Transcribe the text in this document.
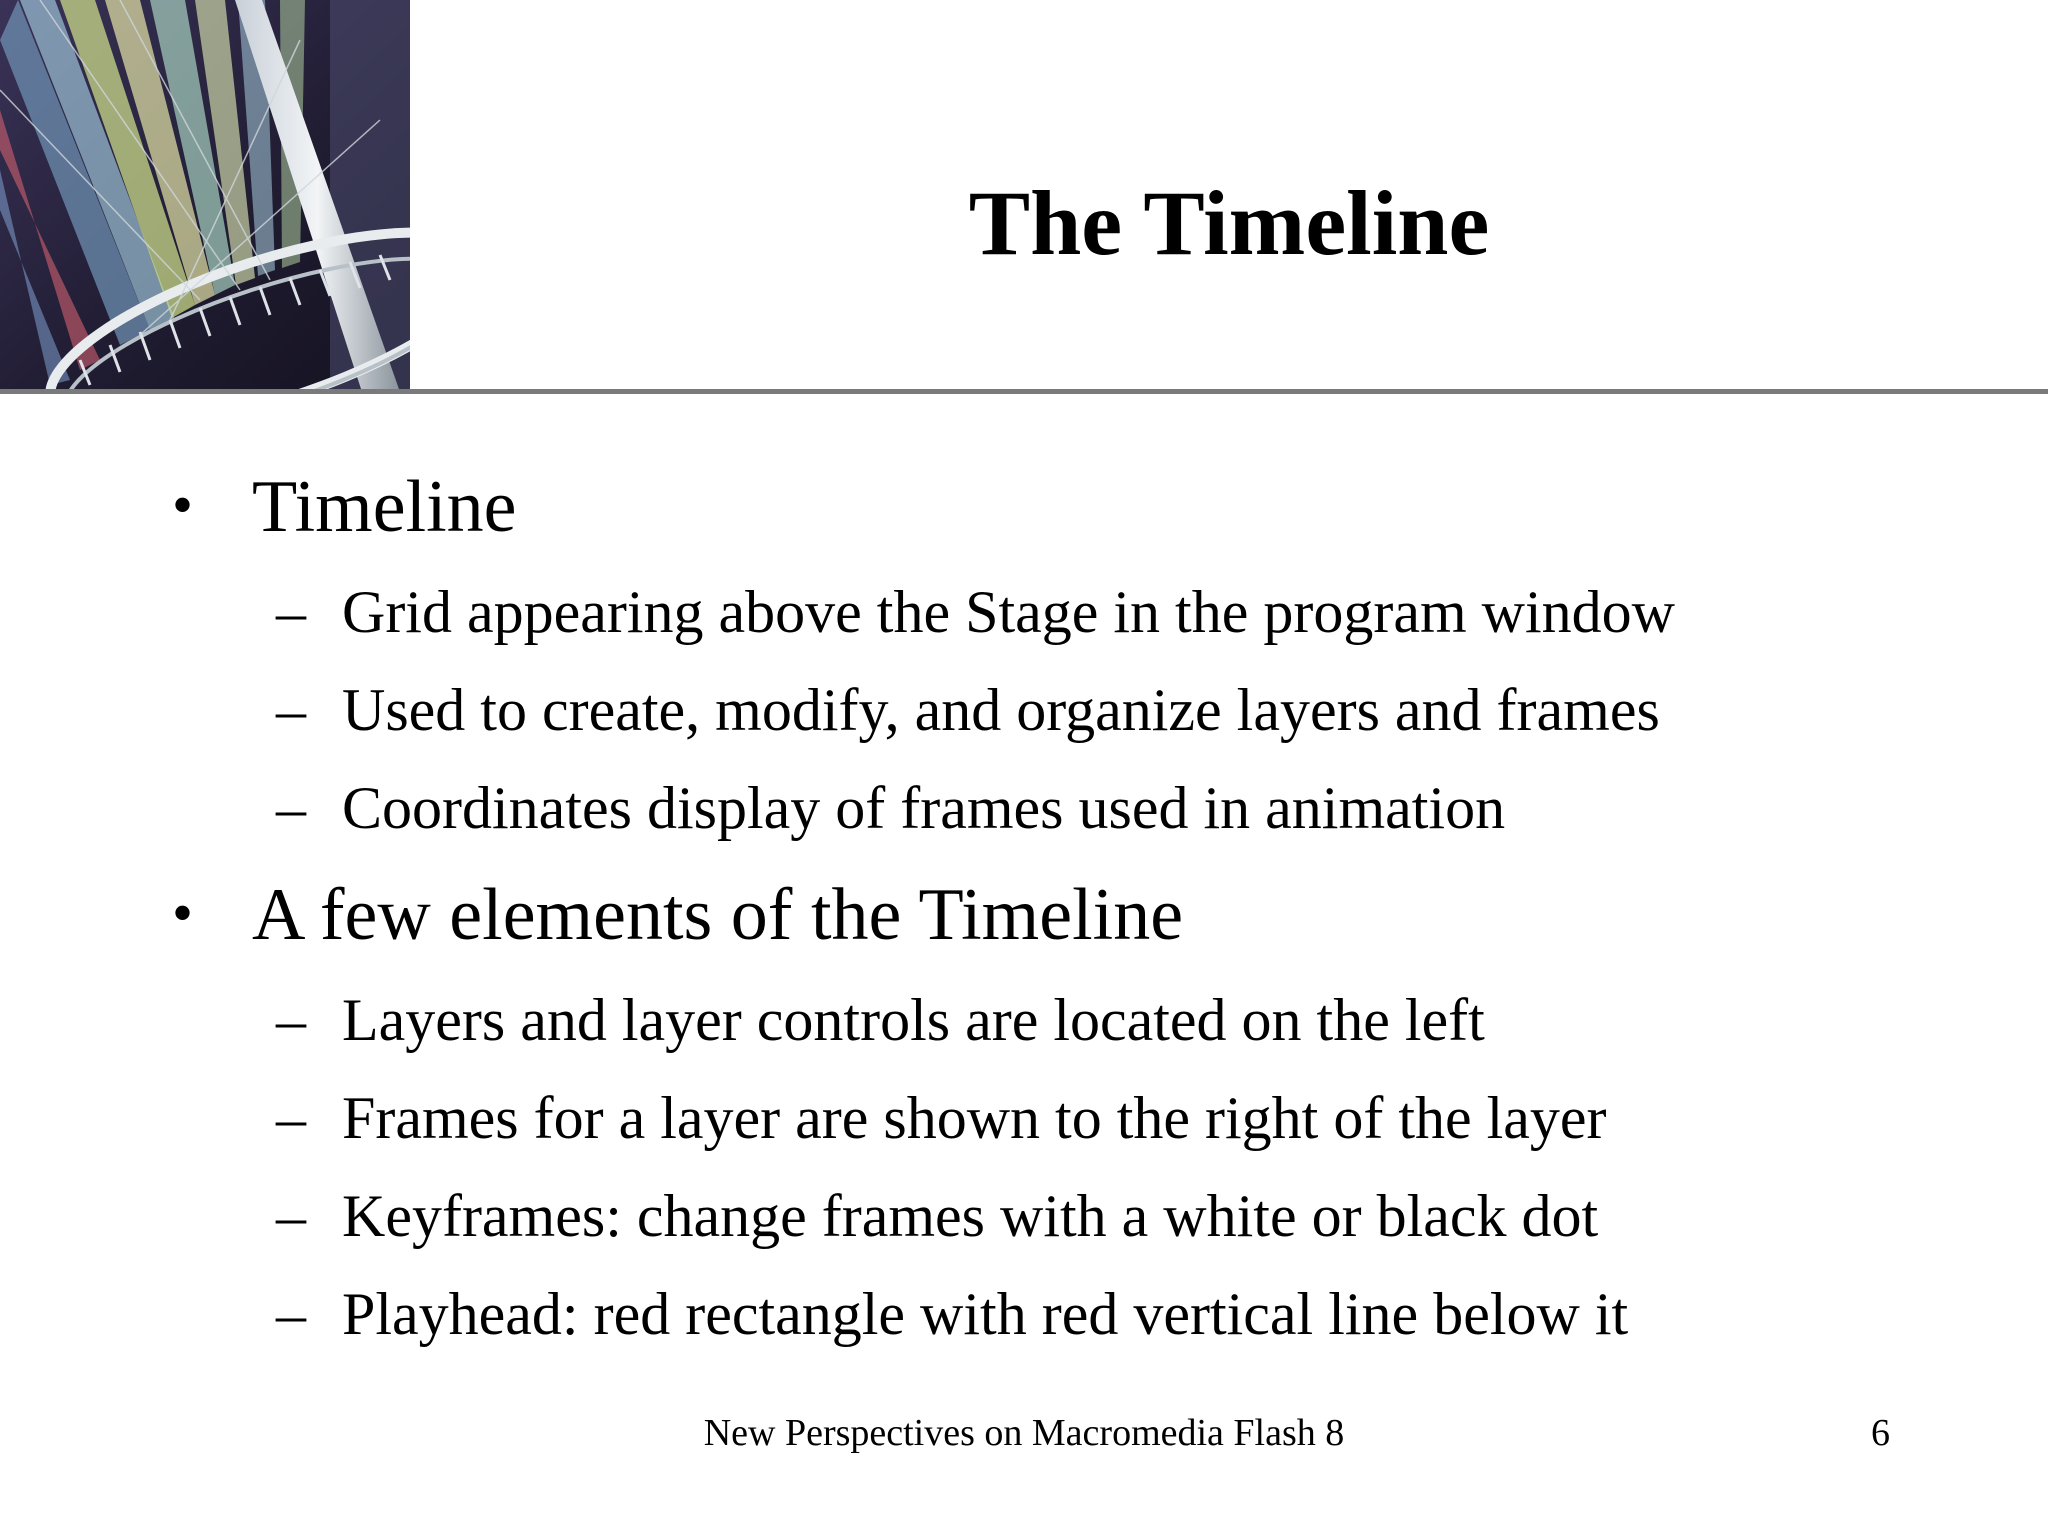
The Timeline
• Timeline
– Grid appearing above the Stage in the program window
– Used to create, modify, and organize layers and frames
– Coordinates display of frames used in animation
• A few elements of the Timeline
– Layers and layer controls are located on the left
– Frames for a layer are shown to the right of the layer
– Keyframes: change frames with a white or black dot
– Playhead: red rectangle with red vertical line below it
New Perspectives on Macromedia Flash 8	6
